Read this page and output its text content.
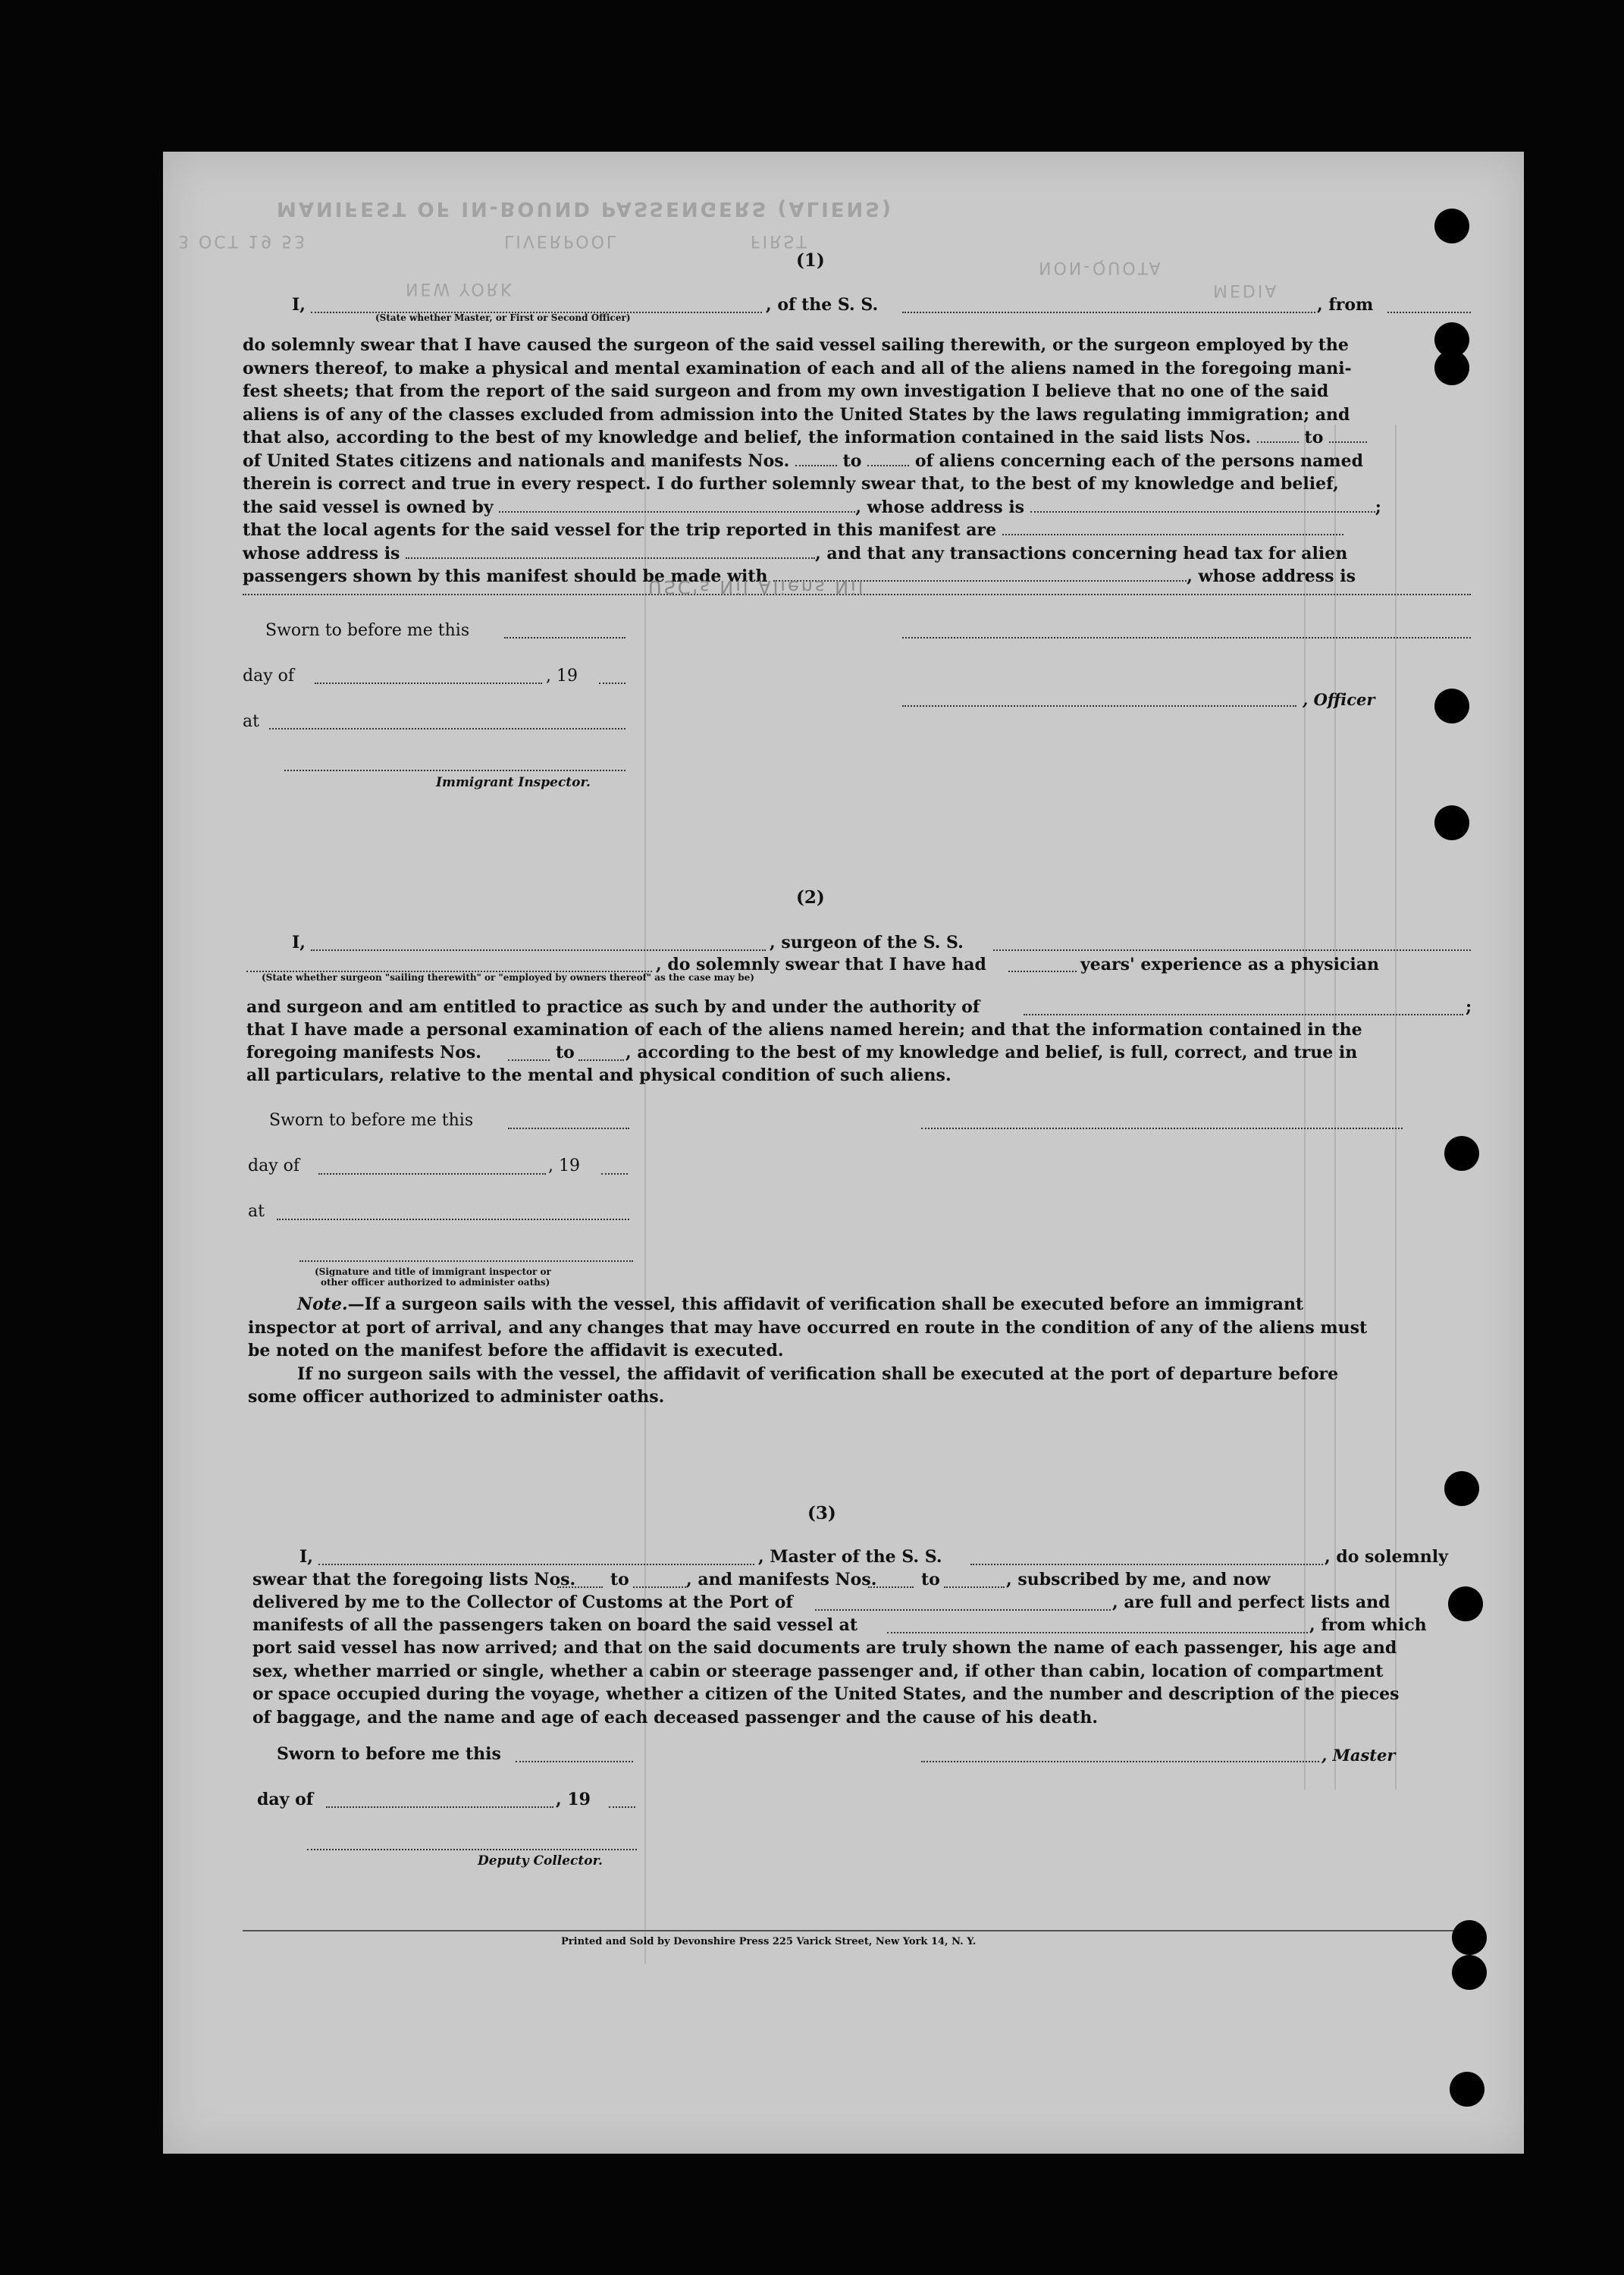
MANIFEST OF IN-BOUND PASSENGERS (ALIENS)
FIRST
LIVERPOOL
3 OCT 19 53
NEW YORK
NON-QUOTA
MEDIA
(1)
I,	, of the S. S.	, from
(State whether Master, or First or Second Officer)
do solemnly swear that I have caused the surgeon of the said vessel sailing therewith, or the surgeon employed by the
owners thereof, to make a physical and mental examination of each and all of the aliens named in the foregoing mani-
fest sheets; that from the report of the said surgeon and from my own investigation I believe that no one of the said
aliens is of any of the classes excluded from admission into the United States by the laws regulating immigration; and
that also, according to the best of my knowledge and belief, the information contained in the said lists Nos.	to
of United States citizens and nationals and manifests Nos.	to	of aliens concerning each of the persons named
therein is correct and true in every respect. I do further solemnly swear that, to the best of my knowledge and belief,
the said vessel is owned by	, whose address is	;
that the local agents for the said vessel for the trip reported in this manifest are
whose address is	, and that any transactions concerning head tax for alien
passengers shown by this manifest should be made with	, whose address is
USC's Nil Aliens Nil
Sworn to before me this
day of	, 19
, Officer
at
Immigrant Inspector.
(2)
I,	, surgeon of the S. S.
, do solemnly swear that I have had	years' experience as a physician
(State whether surgeon "sailing therewith" or "employed by owners thereof" as the case may be)
and surgeon and am entitled to practice as such by and under the authority of	;
that I have made a personal examination of each of the aliens named herein; and that the information contained in the
foregoing manifests Nos.	to	, according to the best of my knowledge and belief, is full, correct, and true in
all particulars, relative to the mental and physical condition of such aliens.
Sworn to before me this
day of	, 19
at
(Signature and title of immigrant inspector or
other officer authorized to administer oaths)
Note.—If a surgeon sails with the vessel, this affidavit of verification shall be executed before an immigrant
inspector at port of arrival, and any changes that may have occurred en route in the condition of any of the aliens must
be noted on the manifest before the affidavit is executed.
If no surgeon sails with the vessel, the affidavit of verification shall be executed at the port of departure before
some officer authorized to administer oaths.
(3)
I,	, Master of the S. S.	, do solemnly
swear that the foregoing lists Nos. to	, and manifests Nos.	to	, subscribed by me, and now
delivered by me to the Collector of Customs at the Port of	, are full and perfect lists and
manifests of all the passengers taken on board the said vessel at	, from which
port said vessel has now arrived; and that on the said documents are truly shown the name of each passenger, his age and
sex, whether married or single, whether a cabin or steerage passenger and, if other than cabin, location of compartment
or space occupied during the voyage, whether a citizen of the United States, and the number and description of the pieces
of baggage, and the name and age of each deceased passenger and the cause of his death.
Sworn to before me this	, Master
day of	, 19
Deputy Collector.
Printed and Sold by Devonshire Press 225 Varick Street, New York 14, N. Y.
